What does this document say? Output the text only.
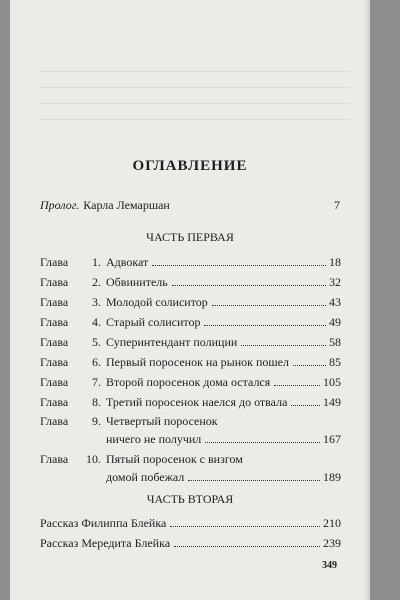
ОГЛАВЛЕНИЕ
Пролог. Карла Лемаршан	7
ЧАСТЬ ПЕРВАЯ
Глава	1. Адвокат	18
Глава	2. Обвинитель	32
Глава	3. Молодой солиситор	43
Глава	4. Старый солиситор	49
Глава	5. Суперинтендант полиции	58
Глава	6. Первый поросенок на рынок пошел	85
Глава	7. Второй поросенок дома остался	105
Глава	8. Третий поросенок наелся до отвала	149
Глава	9. Четвертый поросенок
ничего не получил	167
Глава	10. Пятый поросенок с визгом
домой побежал	189
ЧАСТЬ ВТОРАЯ
Рассказ Филиппа Блейка	210
Рассказ Мередита Блейка	239
349
